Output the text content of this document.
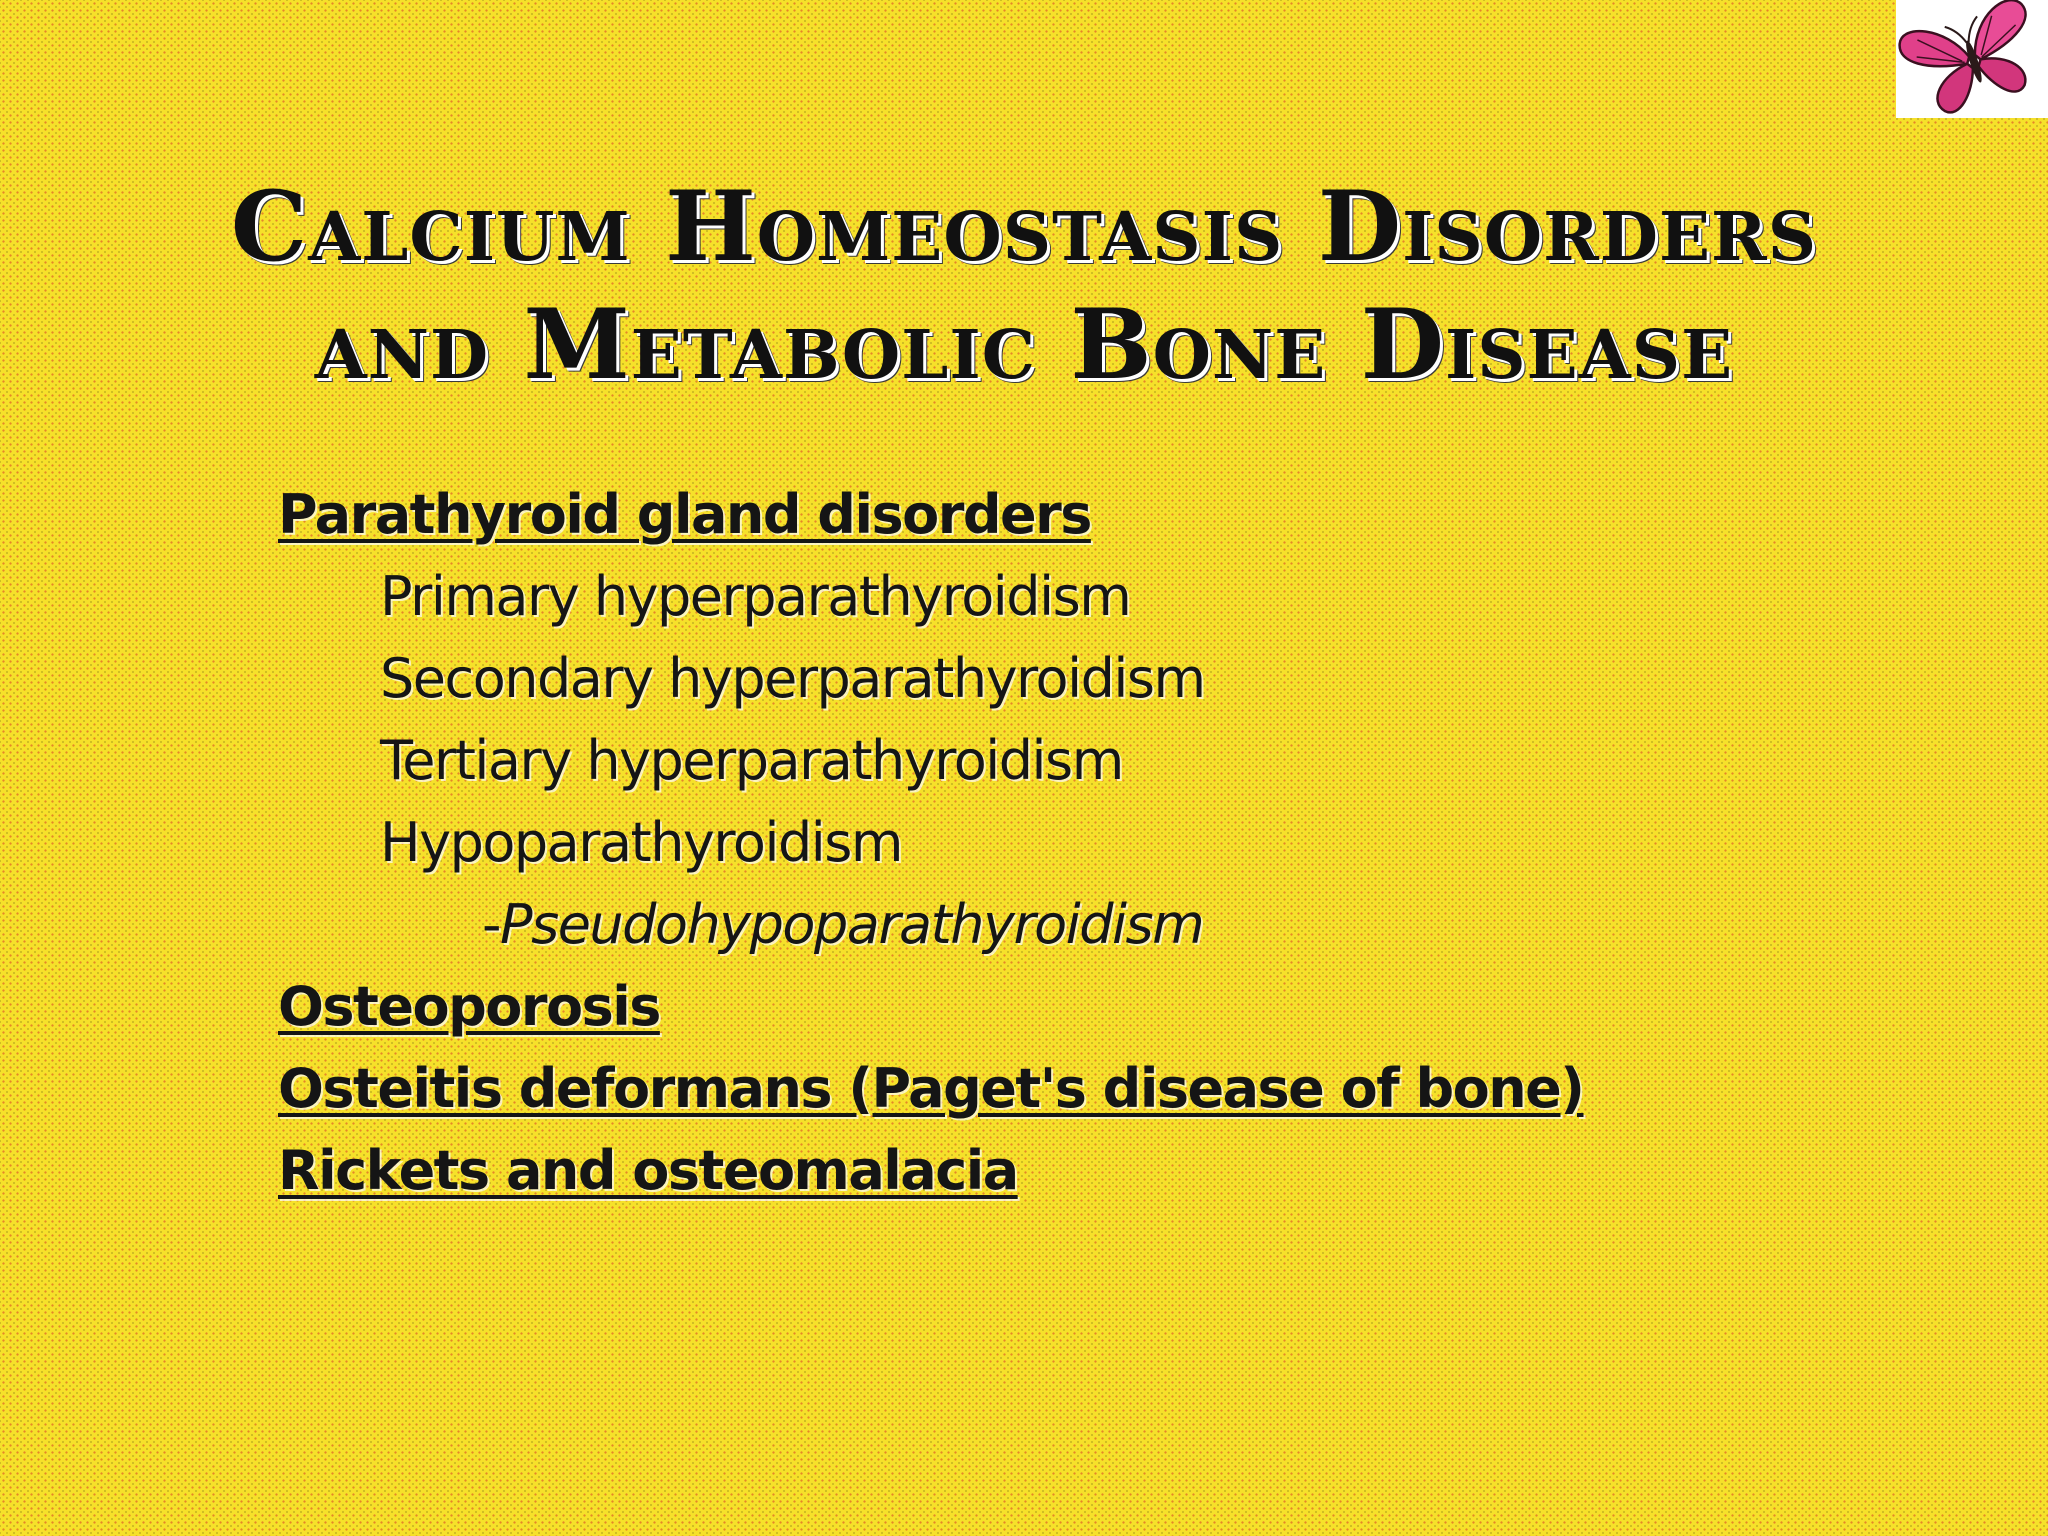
Calcium Homeostasis Disorders
and Metabolic Bone Disease
Parathyroid gland disorders
Primary hyperparathyroidism
Secondary hyperparathyroidism
Tertiary hyperparathyroidism
Hypoparathyroidism
-Pseudohypoparathyroidism
Osteoporosis
Osteitis deformans (Paget's disease of bone)
Rickets and osteomalacia
